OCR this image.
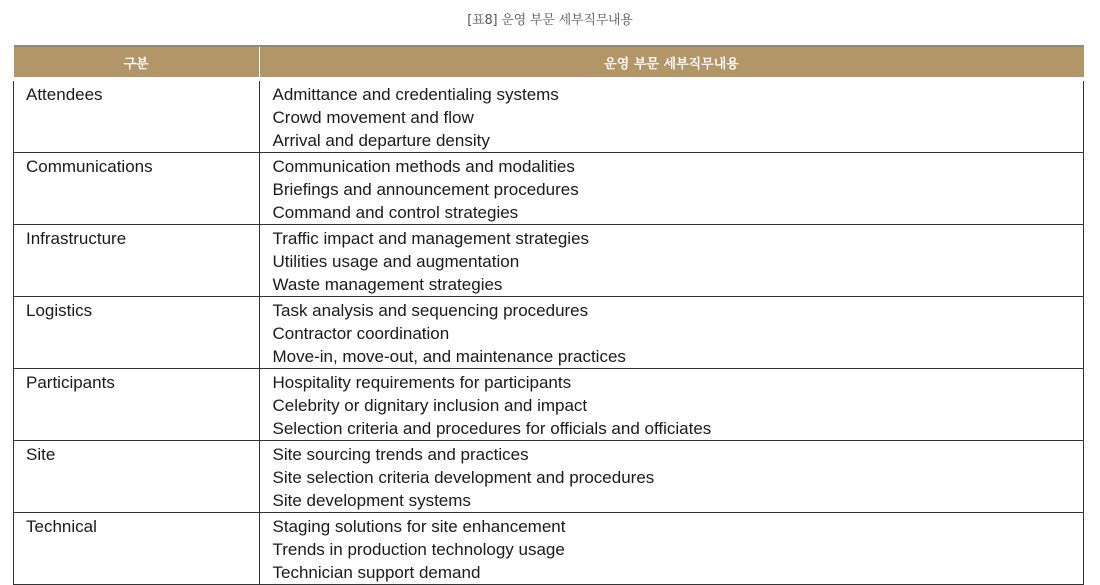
[표8] 운영 부문 세부직무내용
구분	운영 부문 세부직무내용
Attendees	Admittance and credentialing systems
Crowd movement and flow
Arrival and departure density

Communications	Communication methods and modalities
Briefings and announcement procedures
Command and control strategies

Infrastructure	Traffic impact and management strategies
Utilities usage and augmentation
Waste management strategies

Logistics	Task analysis and sequencing procedures
Contractor coordination
Move-in, move-out, and maintenance practices

Participants	Hospitality requirements for participants
Celebrity or dignitary inclusion and impact
Selection criteria and procedures for officials and officiates

Site	Site sourcing trends and practices
Site selection criteria development and procedures
Site development systems

Technical	Staging solutions for site enhancement
Trends in production technology usage
Technician support demand
